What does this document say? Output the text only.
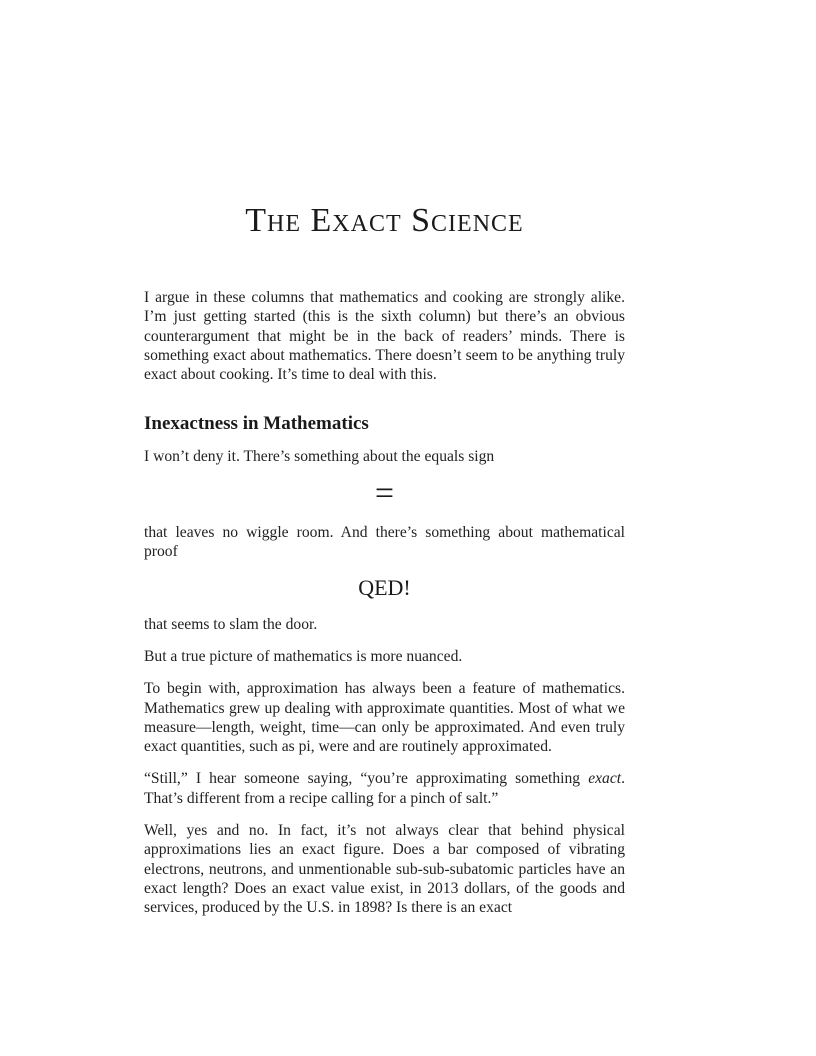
The Exact Science

I argue in these columns that mathematics and cooking are strongly alike. I’m just getting started (this is the sixth column) but there’s an obvious counterargument that might be in the back of readers’ minds. There is something exact about mathematics. There doesn’t seem to be anything truly exact about cooking. It’s time to deal with this.

Inexactness in Mathematics

I won’t deny it. There’s something about the equals sign

=

that leaves no wiggle room. And there’s something about mathematical proof

QED!

that seems to slam the door.

But a true picture of mathematics is more nuanced.

To begin with, approximation has always been a feature of mathematics. Mathematics grew up dealing with approximate quantities. Most of what we measure—length, weight, time—can only be approximated. And even truly exact quantities, such as pi, were and are routinely approximated.

“Still,” I hear someone saying, “you’re approximating something exact. That’s different from a recipe calling for a pinch of salt.”

Well, yes and no. In fact, it’s not always clear that behind physical approximations lies an exact figure. Does a bar composed of vibrating electrons, neutrons, and unmentionable sub-sub-subatomic particles have an exact length? Does an exact value exist, in 2013 dollars, of the goods and services, produced by the U.S. in 1898? Is there is an exact
